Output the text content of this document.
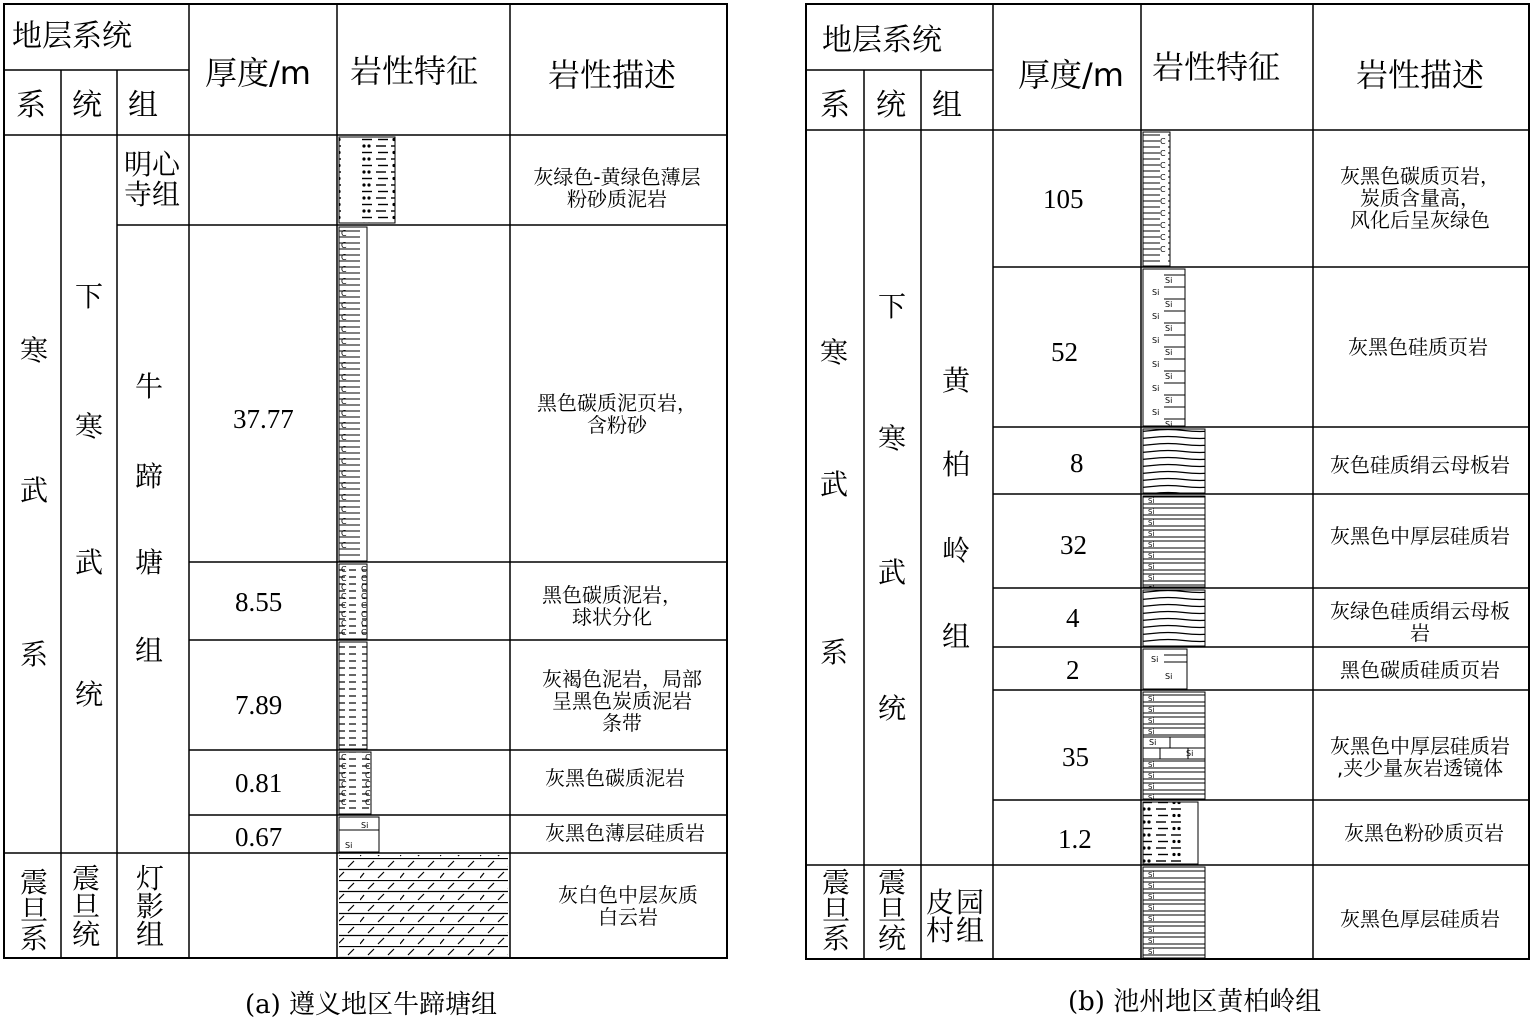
地层系统
系 统 组
厚度/m 岩性特征 岩性描述
寒
武
系
下
寒
武
统
明心
寺组
牛
蹄
塘
组
震
旦
系
震
旦
统
灯
影
组
37.77
8.55
7.89
0.81
0.67	Si
Si
C
C
C
C
C
C
C
C
C
C
C
C
C
C
C
C
C
C
C
C
C
C
C
C
C
C
C
C
C
C
C
C
C
C
C
C
C
C
C
C
C
C
C
C
C
C
C
C
C
C
C
C
C
C
C
灰绿色-黄绿色薄层
粉砂质泥岩
黑色碳质泥页岩，
含粉砂
黑色碳质泥岩，
球状分化
灰褐色泥岩，局部
呈黑色炭质泥岩
条带
灰黑色碳质泥岩
灰黑色薄层硅质岩
灰白色中层灰质
白云岩
(a) 遵义地区牛蹄塘组
地层系统
系 统 组
厚度/m 岩性特征 岩性描述
寒
武
系
下
寒
武
统
黄
柏
岭
组
震
旦
系
震
旦
统
皮 园
村 组
105
52
8
32
4
2
35
1.2
Si
Si
Si
Si
Si
Si
Si
Si
Si
Si
Si
Si
Si
Si
Si
Si
Si
C
C
C
C
C
C
C
C
C
C
灰黑色碳质页岩，
炭质含量高，
风化后呈灰绿色
灰黑色硅质页岩
灰色硅质绢云母板岩
灰黑色中厚层硅质岩
灰绿色硅质绢云母板
岩
黑色碳质硅质页岩
灰黑色中厚层硅质岩
,夹少量灰岩透镜体
灰黑色粉砂质页岩
灰黑色厚层硅质岩
(b) 池州地区黄柏岭组
